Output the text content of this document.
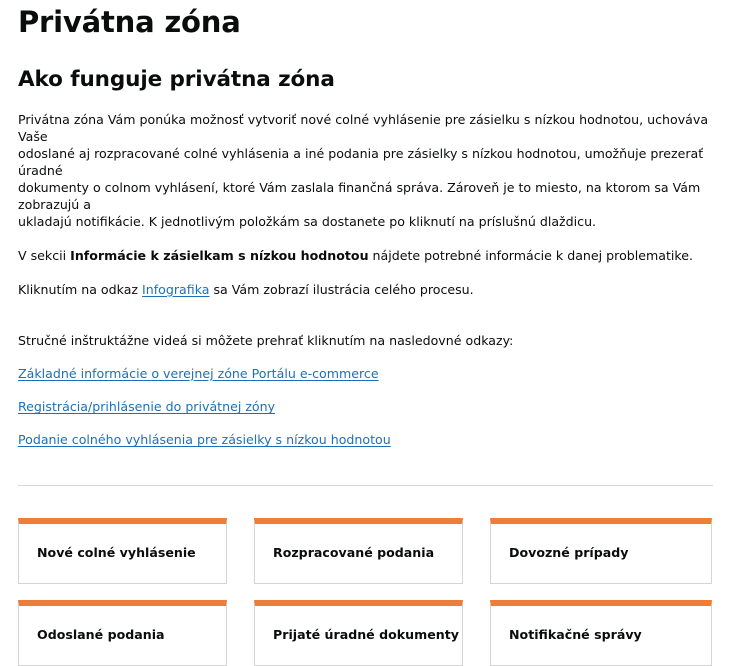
Privátna zóna
Ako funguje privátna zóna

Privátna zóna Vám ponúka možnosť vytvoriť nové colné vyhlásenie pre zásielku s nízkou hodnotou, uchováva Vaše
odoslané aj rozpracované colné vyhlásenia a iné podania pre zásielky s nízkou hodnotou, umožňuje prezerať úradné
dokumenty o colnom vyhlásení, ktoré Vám zaslala finančná správa. Zároveň je to miesto, na ktorom sa Vám zobrazujú a
ukladajú notifikácie. K jednotlivým položkám sa dostanete po kliknutí na príslušnú dlaždicu.

V sekcii Informácie k zásielkam s nízkou hodnotou nájdete potrebné informácie k danej problematike.

Kliknutím na odkaz Infografika sa Vám zobrazí ilustrácia celého procesu.

Stručné inštruktážne videá si môžete prehrať kliknutím na nasledovné odkazy:

Základné informácie o verejnej zóne Portálu e-commerce

Registrácia/prihlásenie do privátnej zóny

Podanie colného vyhlásenia pre zásielky s nízkou hodnotou

Nové colné vyhlásenie	Rozpracované podania	Dovozné prípady
Odoslané podania	Prijaté úradné dokumenty	Notifikačné správy
